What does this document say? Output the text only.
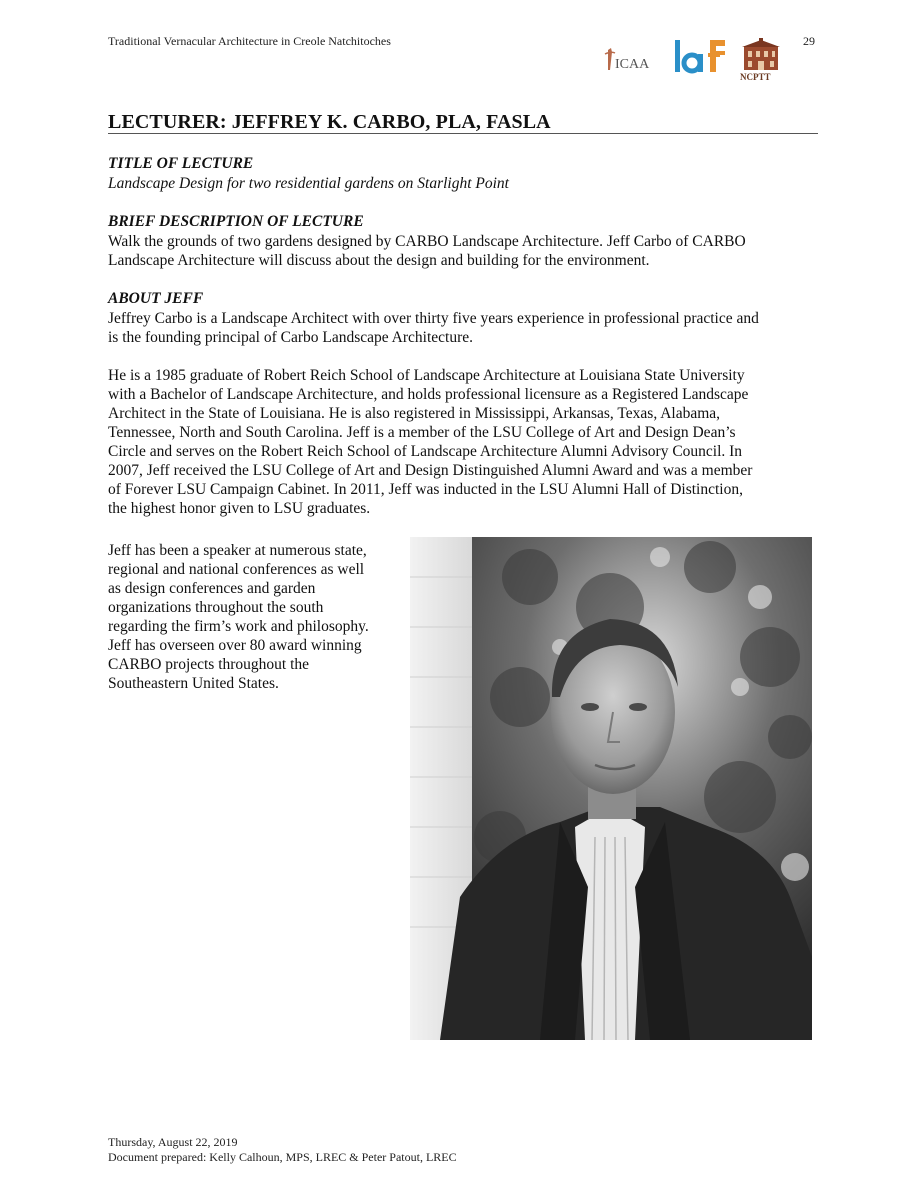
Traditional Vernacular Architecture in Creole Natchitoches	29
ICAA
NCPTT
LECTURER: JEFFREY K. CARBO, PLA, FASLA
TITLE OF LECTURE
Landscape Design for two residential gardens on Starlight Point
BRIEF DESCRIPTION OF LECTURE
Walk the grounds of two gardens designed by CARBO Landscape Architecture. Jeff Carbo of CARBO
Landscape Architecture will discuss about the design and building for the environment.
ABOUT JEFF
Jeffrey Carbo is a Landscape Architect with over thirty five years experience in professional practice and
is the founding principal of Carbo Landscape Architecture.
He is a 1985 graduate of Robert Reich School of Landscape Architecture at Louisiana State University
with a Bachelor of Landscape Architecture, and holds professional licensure as a Registered Landscape
Architect in the State of Louisiana. He is also registered in Mississippi, Arkansas, Texas, Alabama,
Tennessee, North and South Carolina. Jeff is a member of the LSU College of Art and Design Dean’s
Circle and serves on the Robert Reich School of Landscape Architecture Alumni Advisory Council. In
2007, Jeff received the LSU College of Art and Design Distinguished Alumni Award and was a member
of Forever LSU Campaign Cabinet. In 2011, Jeff was inducted in the LSU Alumni Hall of Distinction,
the highest honor given to LSU graduates.
Jeff has been a speaker at numerous state,
regional and national conferences as well
as design conferences and garden
organizations throughout the south
regarding the firm’s work and philosophy.
Jeff has overseen over 80 award winning
CARBO projects throughout the
Southeastern United States.
Thursday, August 22, 2019
Document prepared: Kelly Calhoun, MPS, LREC & Peter Patout, LREC
